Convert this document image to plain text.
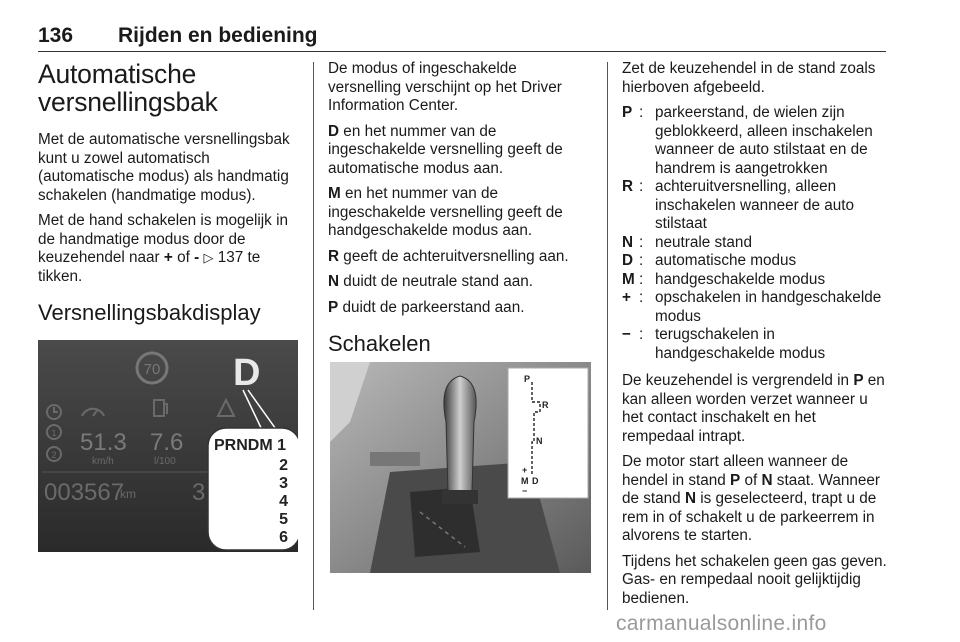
136 Rijden en bediening
Automatische versnellingsbak

Met de automatische versnellingsbak kunt u zowel automatisch (automatische modus) als handmatig schakelen (handmatige modus).

Met de hand schakelen is mogelijk in de handmatige modus door de keuzehendel naar + of - ▷ 137 te tikken.

Versnellingsbakdisplay
70 D
1
2 51.3
km/h
7.6
l/100
003567
km 3
PRNDM 1
2
3
4
5
6

De modus of ingeschakelde versnelling verschijnt op het Driver Information Center.

D en het nummer van de ingeschakelde versnelling geeft de automatische modus aan.

M en het nummer van de ingeschakelde versnelling geeft de handgeschakelde modus aan.

R geeft de achteruitversnelling aan.

N duidt de neutrale stand aan.

P duidt de parkeerstand aan.

Schakelen
P
R
N
+
M D
−

Zet de keuzehendel in de stand zoals hierboven afgebeeld.

P : parkeerstand, de wielen zijn geblokkeerd, alleen inschakelen wanneer de auto stilstaat en de handrem is aangetrokken
R : achteruitversnelling, alleen inschakelen wanneer de auto stilstaat
N : neutrale stand
D : automatische modus
M : handgeschakelde modus
+ : opschakelen in handgeschakelde modus
− : terugschakelen in handgeschakelde modus

De keuzehendel is vergrendeld in P en kan alleen worden verzet wanneer u het contact inschakelt en het rempedaal intrapt.

De motor start alleen wanneer de hendel in stand P of N staat. Wanneer de stand N is geselecteerd, trapt u de rem in of schakelt u de parkeerrem in alvorens te starten.

Tijdens het schakelen geen gas geven. Gas- en rempedaal nooit gelijktijdig bedienen.

carmanualsonline.info
